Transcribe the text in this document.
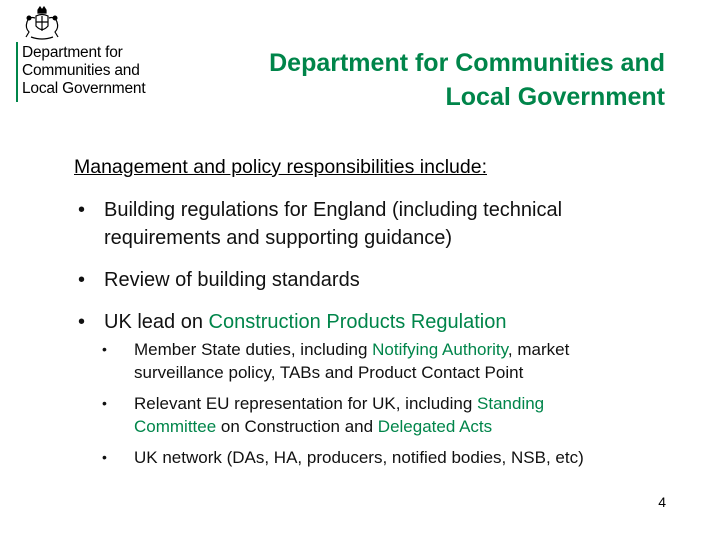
Department for
Communities and
Local Government
Department for Communities and
Local Government
Management and policy responsibilities include:
• Building regulations for England (including technical
requirements and supporting guidance)
• Review of building standards
• UK lead on Construction Products Regulation
• Member State duties, including Notifying Authority, market
surveillance policy, TABs and Product Contact Point
• Relevant EU representation for UK, including Standing
Committee on Construction and Delegated Acts
• UK network (DAs, HA, producers, notified bodies, NSB, etc)
4
